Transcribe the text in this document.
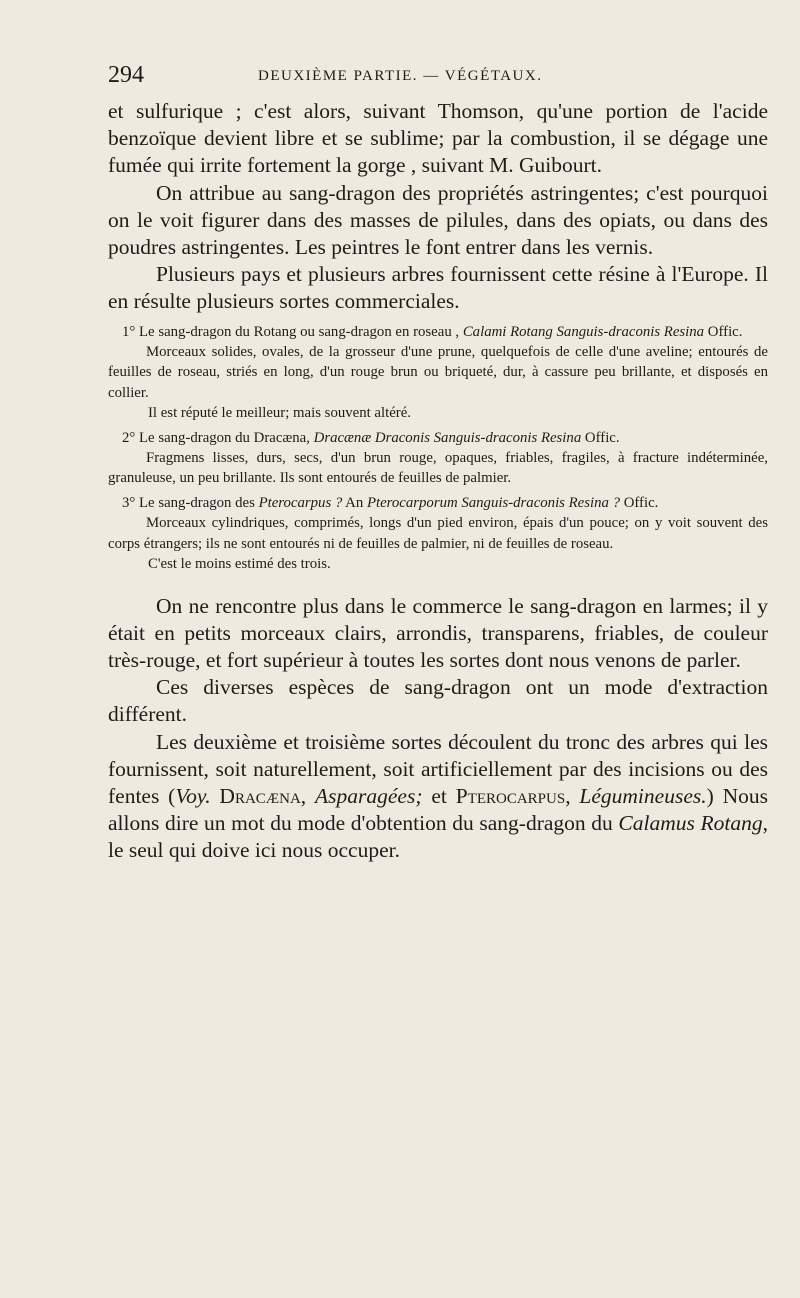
294	DEUXIÈME PARTIE. — VÉGÉTAUX.

et sulfurique ; c'est alors, suivant Thomson, qu'une portion de l'acide benzoïque devient libre et se sublime; par la combustion, il se dégage une fumée qui irrite fortement la gorge , suivant M. Guibourt.

On attribue au sang-dragon des propriétés astringentes; c'est pourquoi on le voit figurer dans des masses de pilules, dans des opiats, ou dans des poudres astringentes. Les peintres le font entrer dans les vernis.

Plusieurs pays et plusieurs arbres fournissent cette résine à l'Europe. Il en résulte plusieurs sortes commerciales.

1° Le sang-dragon du Rotang ou sang-dragon en roseau , Calami Rotang Sanguis-draconis Resina Offic.

Morceaux solides, ovales, de la grosseur d'une prune, quelquefois de celle d'une aveline; entourés de feuilles de roseau, striés en long, d'un rouge brun ou briqueté, dur, à cassure peu brillante, et disposés en collier.

Il est réputé le meilleur; mais souvent altéré.

2° Le sang-dragon du Dracæna, Dracænæ Draconis Sanguis-draconis Resina Offic.

Fragmens lisses, durs, secs, d'un brun rouge, opaques, friables, fragiles, à fracture indéterminée, granuleuse, un peu brillante. Ils sont entourés de feuilles de palmier.

3° Le sang-dragon des Pterocarpus ? An Pterocarporum Sanguis-draconis Resina ? Offic.

Morceaux cylindriques, comprimés, longs d'un pied environ, épais d'un pouce; on y voit souvent des corps étrangers; ils ne sont entourés ni de feuilles de palmier, ni de feuilles de roseau.

C'est le moins estimé des trois.

On ne rencontre plus dans le commerce le sang-dragon en larmes; il y était en petits morceaux clairs, arrondis, transparens, friables, de couleur très-rouge, et fort supérieur à toutes les sortes dont nous venons de parler.

Ces diverses espèces de sang-dragon ont un mode d'extraction différent.

Les deuxième et troisième sortes découlent du tronc des arbres qui les fournissent, soit naturellement, soit artificiellement par des incisions ou des fentes (Voy. Dracæna, Asparagées; et Pterocarpus, Légumineuses.) Nous allons dire un mot du mode d'obtention du sang-dragon du Calamus Rotang, le seul qui doive ici nous occuper.
